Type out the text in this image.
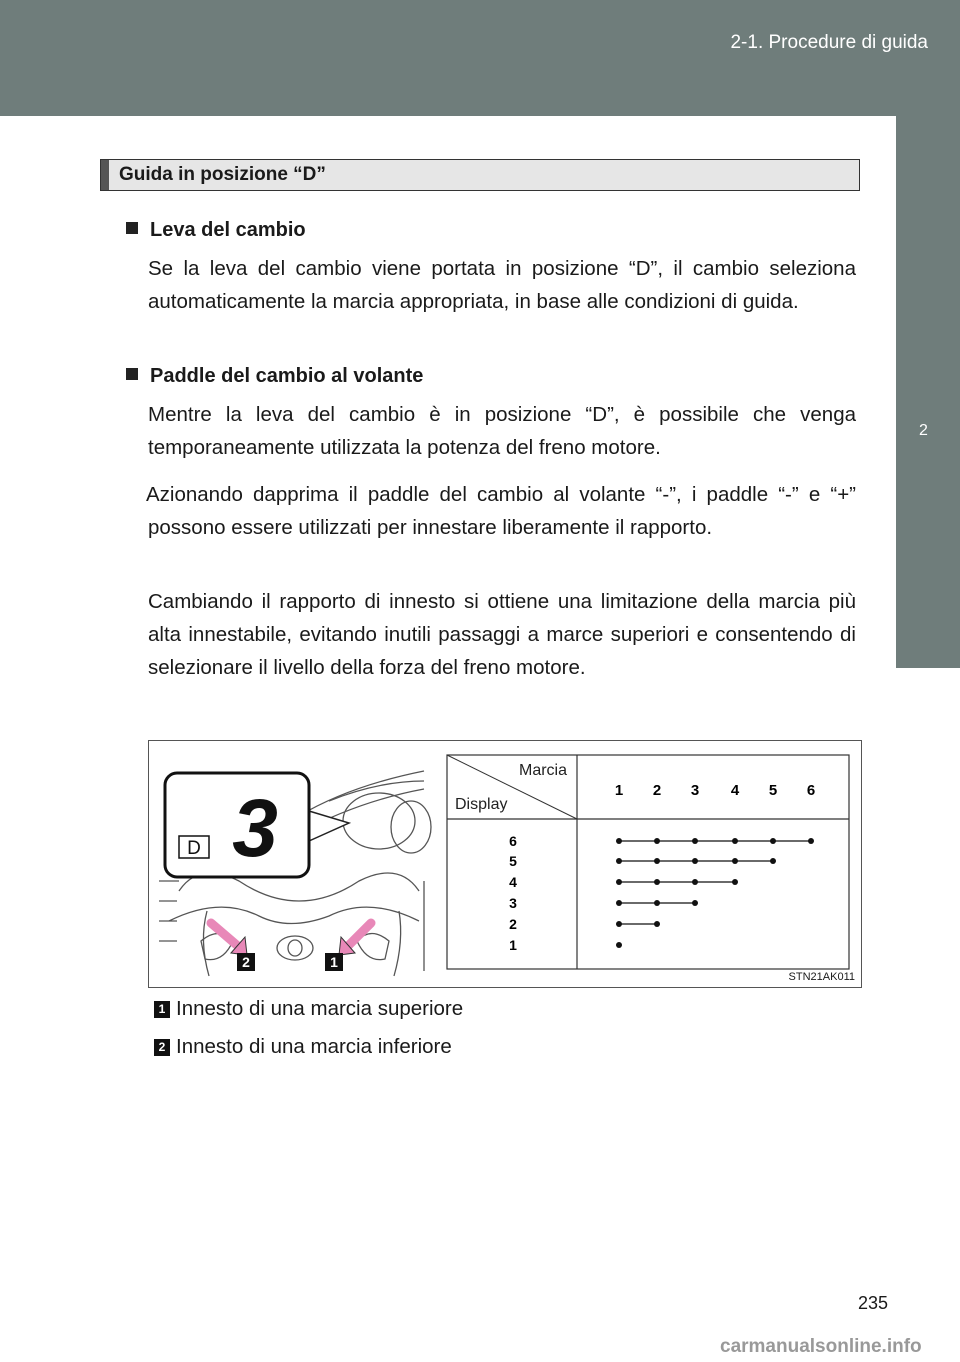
2-1. Procedure di guida
2
Durante la guida
Guida in posizione “D”
Leva del cambio
Se la leva del cambio viene portata in posizione “D”, il cambio seleziona automaticamente la marcia appropriata, in base alle condizioni di guida.
Paddle del cambio al volante
Mentre la leva del cambio è in posizione “D”, è possibile che venga temporaneamente utilizzata la potenza del freno motore.
Azionando dapprima il paddle del cambio al volante “-”, i paddle “-” e “+” possono essere utilizzati per innestare liberamente il rapporto.
Cambiando il rapporto di innesto si ottiene una limitazione della marcia più alta innestabile, evitando inutili passaggi a marce superiori e consentendo di selezionare il livello della forza del freno motore.
D 3
2	1
Marcia
Display
1 2 3 4 5 6
6
5
4
3
2
1
STN21AK011
1 Innesto di una marcia superiore
2 Innesto di una marcia inferiore
235
carmanualsonline.info
